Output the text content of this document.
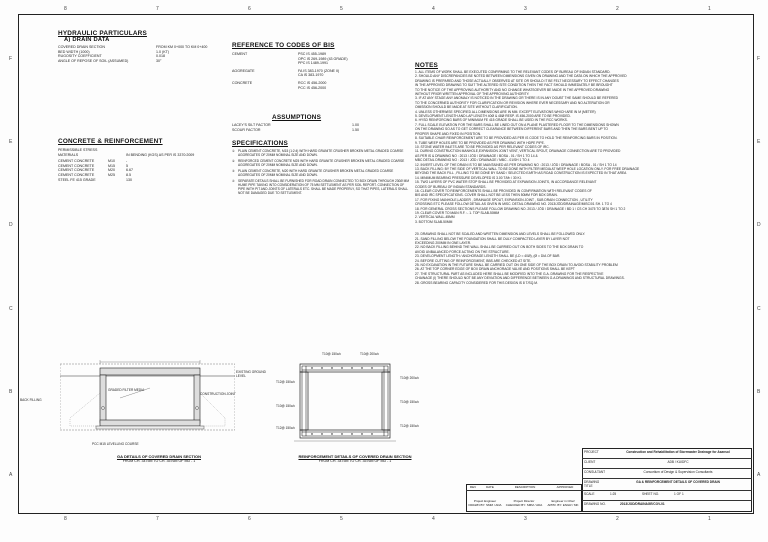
8	7	6	5	4	3	2	1
8	7	6	5	4	3	2	1
A
B
C
D
E
F
A
B
C
D
E
F
HYDRAULIC PARTICULARS
A) DRAIN DATA
COVERED DRAIN SECTION	FROM KM 0+000 TO KM 0+400
BED WIDTH (1000)	1.0 (KT)
RUGOSITY COEFFICIENT	0.018
ANGLE OF REPOSE OF SOIL (ASSUMED)	30°
CONCRETE & REINFORCEMENT
PERMISSIBLE STRESS
MATERIALS	IN BENDING (KGS) AS PER IS 3370:2009
CEMENT CONCRETE	M10	-
CEMENT CONCRETE	M15	5
CEMENT CONCRETE	M20	6.67
CEMENT CONCRETE	M25	8.5
STEEL FE 415 GRADE	130
REFERENCE TO CODES OF BIS
CEMENT	PSC IS 455-1989
OPC IS 269-1989 (43 GRADE)
PPC IS 1489-1991
AGGREGATE	FA IS 383-1970 (ZONE II)
CA IS 383-1970
CONCRETE	RCC IS 456-2000
PCC IS 456-2000
ASSUMPTIONS
LACEY'S SILT FACTOR	1.00
SCOUR FACTOR	1.50
SPECIFICATIONS
① PLAIN CEMENT CONCRETE, M15 (1:2:4) WITH HARD GRANITE CRUSHER BROKEN METAL GRADED COARSE AGGREGATES OF 20MM NOMINAL SIZE AND DOWN.
② REINFORCED CEMENT CONCRETE M25 WITH HARD GRANITE CRUSHER BROKEN METAL GRADED COARSE AGGREGATES OF 20MM NOMINAL SIZE AND DOWN.
③ PLAIN CEMENT CONCRETE, M20 WITH HARD GRANITE CRUSHER BROKEN METAL GRADED COARSE AGGREGATES OF 20MM NOMINAL SIZE AND DOWN.
④ SEPARATE DETAILS SHALL BE FURNISHED FOR ROAD DRAIN CONNECTED TO BOX DRAIN THROUGH 230Ø MM HUME PIPE TAKING INTO CONSIDERATION OF 75 MM SETTLEMENT AS PER SOIL REPORT. CONNECTION OF PIPE WITH PIT AND JOINTS OF LATERALS ETC. SHALL BE MADE PROPERLY, SO THAT PIPES, LATERALS SHALL NOT BE DAMAGED DUE TO SETTLEMENT.
NOTES
1. ALL ITEMS OF WORK SHALL BE EXECUTED CONFIRMING TO THE RELEVANT CODES OF BUREAU OF INDIAN STANDARD.
2. SHOULD ANY DISCREPANCIES BE NOTED BETWEEN DIMENSIONS GIVEN ON DRAWING AND THE DATA ON WHICH THE APPROVED
DRAWING IS PREPARED AND THOSE ACTUALLY OBSERVED AT SITE OR SHOULD IT BE FELT NECESSARY TO EFFECT CHANGES
IN THE APPROVED DRAWING TO SUIT THE ALTERED SITE CONDITION THEN THE FACT SHOULD IMMEDIATELY BE BROUGHT
TO THE NOTICE OF THE APPROVING AUTHORITY AND NO CHANGE WHATSOEVER BE MADE IN THE APPROVED DRAWING
WITHOUT PRIOR WRITTEN APPROVAL OF THE APPROVING AUTHORITY.
3. IF AT ANY STAGE ANY ANOMALY IS NOTICED IN THE DRAWING OR THERE IS IN ANY DOUBT THE SAME SHOULD BE REFERED
TO THE CONCERNED AUTHORITY FOR CLARIFICATION OR REVISION WHERE EVER NECESSARY AND NO ALTERATION OR
OMISSION SHOULD BE MADE AT SITE WITHOUT CLARIFICATION.
4. UNLESS OTHERWISE SPECIFIED ALL DIMENSIONS ARE IN MM. EXCEPT ELEVATIONS WHICH ARE IN M (METER)
5. DEVELOPMENT LENGTH AND LAP LENGTH 40Ø & 48Ø RESP. IS 456-2000 ARE TO BE PROVIDED.
6. HYSD REINFORCING BARS OF MINIMUM FE 415 GRADE SHALL BE USED IN THE RCC WORKS.
7. FULL SCALE ELEVATION FOR THE BARS SHALL BE LINED OUT ON A PLANE PLASTERED FLOOR TO THE DIMENSIONS SHOWN
ON THE DRAWING SO AS TO GET CORRECT CLEARANCE BETWEEN DIFFERENT BARS AND THEN THE BARS BENT UP TO
PROPER SHAPE AND FIXED IN POSITION.
8. SUITABLE CHAIR REINFORCEMENT ARE TO BE PROVIDED AS PER IS CODE TO HOLD THE REINFORCING BARS IN POSITION.
9. TUBE WEEP HOLES ARE TO BE PROVIDED AS PER DRAWING WITH HDPE PIPE.
10. STONE WATER INLETS ARE TO BE PROVIDED AS PER RELEVANT CODES OF IRC.
11. DURING CONSTRUCTION MANHOLE,EXPANSION JOINT VENT, VERTICAL SPOUT, DRAINAGE CONNECTION ARE TO PROVIDED
AS PER IS & DRAWING NO : 2013 / JÖD / DRAINAGE / BOSA - 01 / SH 1 TO 14 &
MBC DETAIL DRAWING NO : 2013 / JÖD / DRAINAGE / MBC - 01/SH 1 TO 4
12. INVERT LEVEL OF THE DRAIN IS TO BE MAINTAINED AS PER DRAWING NO : 2013 / JÖD / DRAINAGE / BOSA - 01 / SH 1 TO 14
13. BACK FILLING: BY THE SIDE OF VERTICAL WALL TO BE DONE WITH FILTER MEDIA AT WEEP HOLE LOCATION ONLY. FOR FREE DRAINAGE
BEYOND THE BACK FILL , FILLING TO BE DONE BY SAND / SELECTED EARTH AS ROAD CONSTRUCTION IS EXPECTED IN THAT AREA
14. MINIMUM BEARING PRESSURE DEVELOPED IS 3.00 T/M² / 30 KI.
15. TWO LAYERS OF PVC WATER STOP SHALL BE PROVIDED AT EXPANSION JOINTS, IN ACCORDANCE RELEVANT
CODES OF BUREAU OF INDIAN STANDARDS.
16. CLEAR COVER TO REINFORCEMENTS SHALL BE PROVIDED IN CONFIRMATION WITH RELEVANT CODES OF
BIS AND IRC SPECIFICATIONS. COVER SHALL NOT BE LESS THEN 50MM FOR BOX DRAIN.
17. FOR FIXING MANHOLE,LADDER , DRAINAGE SPOUT, EXPANSION JOINT , SUB DRAIN CONNECTION , UTILITY
CROSSING ETC PLEASE FOLLOW DETAIL AS GIVEN IN MISC. DETAIL DRAWING NO. 2013/JÖD/DRAINAGE/MISC/01 SH. 1 TO 4
18. FOR GENERAL CROSS SECTIONS PLEASE FOLLOW DRAWING NO. 2013 / JÖD / DRAINAGE / BD 1 / CS CH 3475 TO 3876 SH 1 TO 2
19. CLEAR COVER TO MAIN R.F. :- 1. TOP SLAB-50MM
2. VERTICAL WALL-45MM
3. BOTTOM SLAB-50MM
20. DRAWING SHALL NOT BE SCALED AND WRITTEN DIMENSION AND LEVELS SHALL BE FOLLOWED ONLY.
21. SAND FILLING BELOW THE FOUNDATION SHALL BE DULY COMPACTED LAYER BY LAYER NOT
EXCEEDING 200MM IN ONE LAYER.
22. NO BACK FILLING BEHIND THE WALL SHALL BE CARRIED OUT ON BOTH SIDES TO THE BOX DRAIN TO
AVOID UNBALANCED FORCE ACTING ON THE STRUCTURE.
23. DEVELOPMENT LENGTH / ANCHORAGE LENGTH SHALL BE (LD = 40Ø), (Ø = DIA OF BAR.
24. BEFORE CUTTING OF REINFORCEMENT, BBS ARE CHECKED AT SITE.
25. NO EXCAVATION IN THE FUTURE SHALL BE CARRIED OUT ON ONE SIDE OF THE BOX DRAIN TO AVOID STABILITY PROBLEM
26. AT THE TOP CORNER EDGE OF BOX DRAIN ANCHORAGE VALVE AND POSITIONS SHALL BE KEPT
27. THE STRUCTURAL PART AS INCLUDED HERE SHALL BE MODIFIED INTO THE G.A. DRAWING FOR THE RESPECTIVE
CHAINAGE (I) THERE SHOULD NOT BE ANY DEVIATION AND DIFFERENCE BETWEEN G.A DRAWINGS AND STRUCTURAL DRAWINGS.
28. GROSS BEARING CAPACITY CONSIDERED FOR THIS DESIGN IS 8 T/SQ.M.
BACK FILLING
GRADED FILTER MEDIA
CONSTRUCTION JOINT
EXISTING GROUND LEVEL
PCC M15 LEVELLING COURSE
GA DETAILS OF COVERED DRAIN SECTION
FROM CH. 3475M TO CH. 3576M OF MD - 1
T10@ 150c/c	T10@ 200c/c
T12@ 150c/c
T10@ 150c/c
T12@ 150c/c
T10@ 200c/c
T10@ 150c/c
T12@ 150c/c
REINFORCEMENT DETAILS OF COVERED DRAIN SECTION
FROM CH. 3475M TO CH. 3576M OF MD - 1
REV	DATE	DESCRIPTION	APPROVED
Project Engineer
DRAWN BY: SMM / ADA
Project Director
CHECKED BY: SMM / ADA
Engineer in Chief
APPR. BY: ENGR / MK
PROJECT	Construction and Rehabilitation of Stormwater Drainage for Asansol
CLIENT	ADB / KUIDFC
CONSULTANT	Consortium of Design & Supervision Consultants
DRAWING TITLE
GA & REINFORCEMENT DETAILS OF COVERED DRAIN
SCALE	1:25	SHEET NO.	1 OF 1
DRAWING NO.	2013/JÖD/DRAINAGE/COV-01
